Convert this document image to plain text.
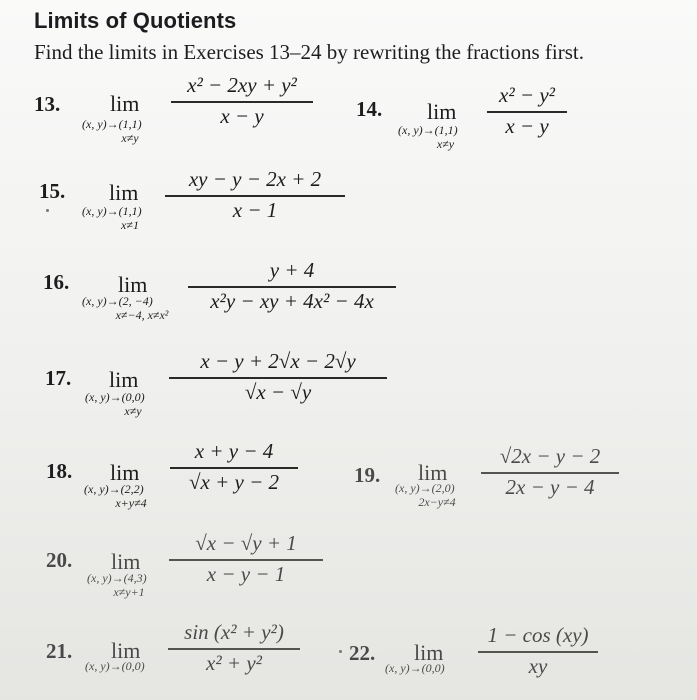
Limits of Quotients
Find the limits in Exercises 13–24 by rewriting the fractions first.
13. lim
(x, y)→(1,1)
x≠y
x² − 2xy + y²
x − y	14. lim
(x, y)→(1,1)
x≠y
x² − y²
x − y
15. lim
(x, y)→(1,1)
x≠1
xy − y − 2x + 2
x − 1
16. lim
(x, y)→(2, −4)
x≠−4, x≠x²
y + 4
x²y − xy + 4x² − 4x
17. lim
(x, y)→(0,0)
x≠y
x − y + 2√x − 2√y
√x − √y
18. lim
(x, y)→(2,2)
x+y≠4
x + y − 4
√x + y − 2	19. lim
(x, y)→(2,0)
2x−y≠4
√2x − y − 2
2x − y − 4
20. lim
(x, y)→(4,3)
x≠y+1
√x − √y + 1
x − y − 1
21. lim
(x, y)→(0,0)
sin (x² + y²)
x² + y²	22. lim
(x, y)→(0,0)
1 − cos (xy)
xy
